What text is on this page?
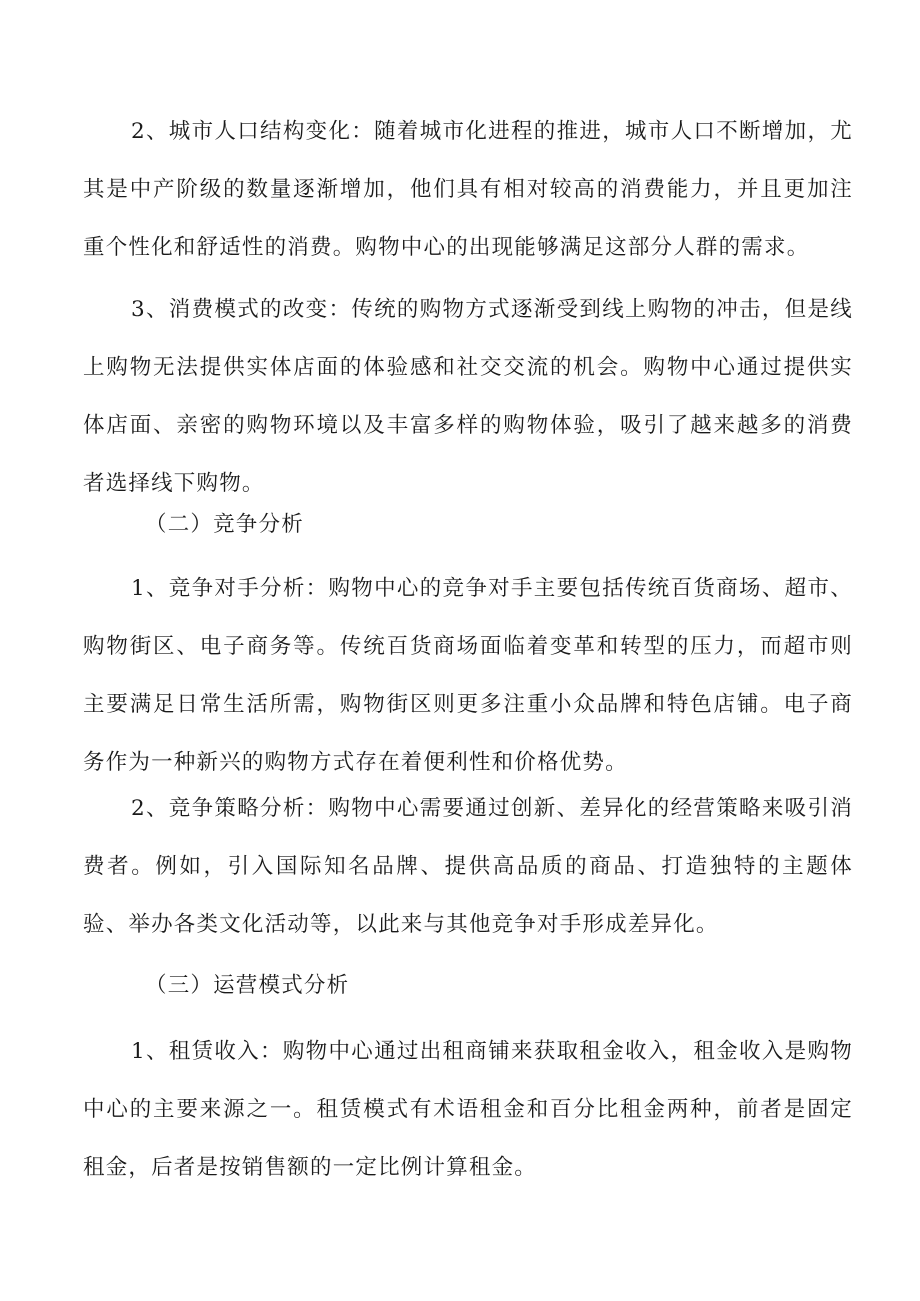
2、城市人口结构变化：随着城市化进程的推进，城市人口不断增加，尤其是中产阶级的数量逐渐增加，他们具有相对较高的消费能力，并且更加注重个性化和舒适性的消费。购物中心的出现能够满足这部分人群的需求。

3、消费模式的改变：传统的购物方式逐渐受到线上购物的冲击，但是线上购物无法提供实体店面的体验感和社交交流的机会。购物中心通过提供实体店面、亲密的购物环境以及丰富多样的购物体验，吸引了越来越多的消费者选择线下购物。

（二）竞争分析

1、竞争对手分析：购物中心的竞争对手主要包括传统百货商场、超市、购物街区、电子商务等。传统百货商场面临着变革和转型的压力，而超市则主要满足日常生活所需，购物街区则更多注重小众品牌和特色店铺。电子商务作为一种新兴的购物方式存在着便利性和价格优势。

2、竞争策略分析：购物中心需要通过创新、差异化的经营策略来吸引消费者。例如，引入国际知名品牌、提供高品质的商品、打造独特的主题体验、举办各类文化活动等，以此来与其他竞争对手形成差异化。

（三）运营模式分析

1、租赁收入：购物中心通过出租商铺来获取租金收入，租金收入是购物中心的主要来源之一。租赁模式有术语租金和百分比租金两种，前者是固定租金，后者是按销售额的一定比例计算租金。
